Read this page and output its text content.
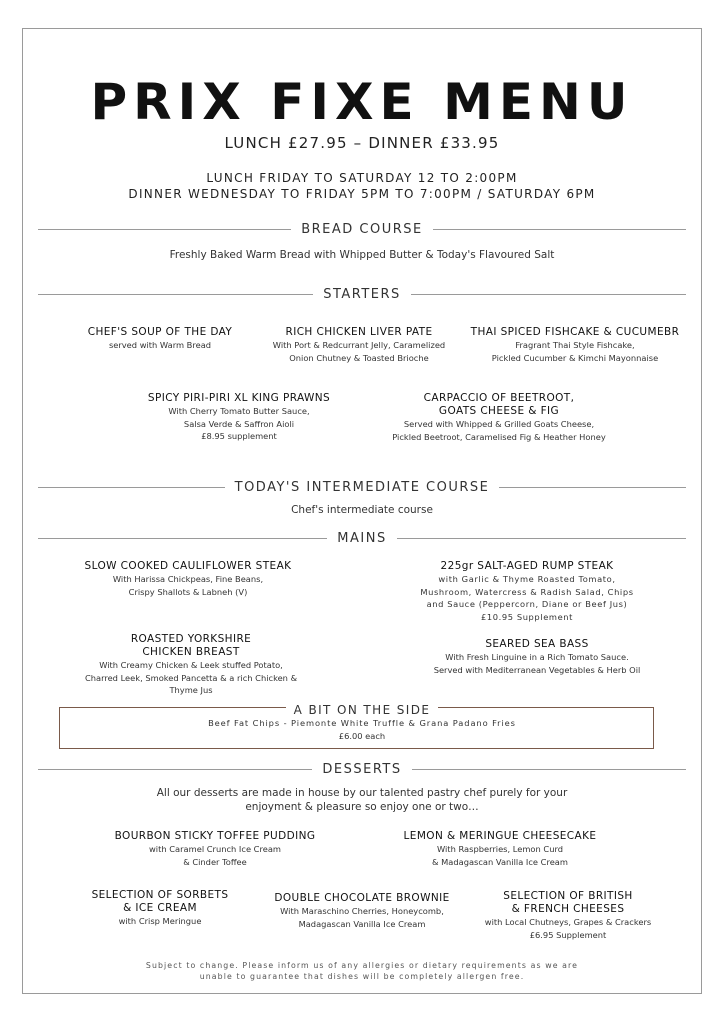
PRIX FIXE MENU
LUNCH £27.95 – DINNER £33.95
LUNCH FRIDAY TO SATURDAY 12 TO 2:00PM
DINNER WEDNESDAY TO FRIDAY 5PM TO 7:00PM / SATURDAY 6PM
BREAD COURSE
Freshly Baked Warm Bread with Whipped Butter & Today's Flavoured Salt
STARTERS
CHEF'S SOUP OF THE DAY
served with Warm Bread
RICH CHICKEN LIVER PATE
With Port & Redcurrant Jelly, Caramelized
Onion Chutney & Toasted Brioche
THAI SPICED FISHCAKE & CUCUMEBR
Fragrant Thai Style Fishcake,
Pickled Cucumber & Kimchi Mayonnaise
SPICY PIRI-PIRI XL KING PRAWNS
With Cherry Tomato Butter Sauce,
Salsa Verde & Saffron Aioli
£8.95 supplement
CARPACCIO OF BEETROOT,
GOATS CHEESE & FIG
Served with Whipped & Grilled Goats Cheese,
Pickled Beetroot, Caramelised Fig & Heather Honey
TODAY'S INTERMEDIATE COURSE
Chef's intermediate course
MAINS
SLOW COOKED CAULIFLOWER STEAK
With Harissa Chickpeas, Fine Beans,
Crispy Shallots & Labneh (V)
225gr SALT-AGED RUMP STEAK
with Garlic & Thyme Roasted Tomato,
Mushroom, Watercress & Radish Salad, Chips
and Sauce (Peppercorn, Diane or Beef Jus)
£10.95 Supplement
ROASTED YORKSHIRE
CHICKEN BREAST
With Creamy Chicken & Leek stuffed Potato,
Charred Leek, Smoked Pancetta & a rich Chicken &
Thyme Jus
SEARED SEA BASS
With Fresh Linguine in a Rich Tomato Sauce.
Served with Mediterranean Vegetables & Herb Oil
A BIT ON THE SIDE
Beef Fat Chips - Piemonte White Truffle & Grana Padano Fries
£6.00 each
DESSERTS
All our desserts are made in house by our talented pastry chef purely for your
enjoyment & pleasure so enjoy one or two…
BOURBON STICKY TOFFEE PUDDING
with Caramel Crunch Ice Cream
& Cinder Toffee
LEMON & MERINGUE CHEESECAKE
With Raspberries, Lemon Curd
& Madagascan Vanilla Ice Cream
SELECTION OF SORBETS
& ICE CREAM
with Crisp Meringue
DOUBLE CHOCOLATE BROWNIE
With Maraschino Cherries, Honeycomb,
Madagascan Vanilla Ice Cream
SELECTION OF BRITISH
& FRENCH CHEESES
with Local Chutneys, Grapes & Crackers
£6.95 Supplement
Subject to change. Please inform us of any allergies or dietary requirements as we are
unable to guarantee that dishes will be completely allergen free.
